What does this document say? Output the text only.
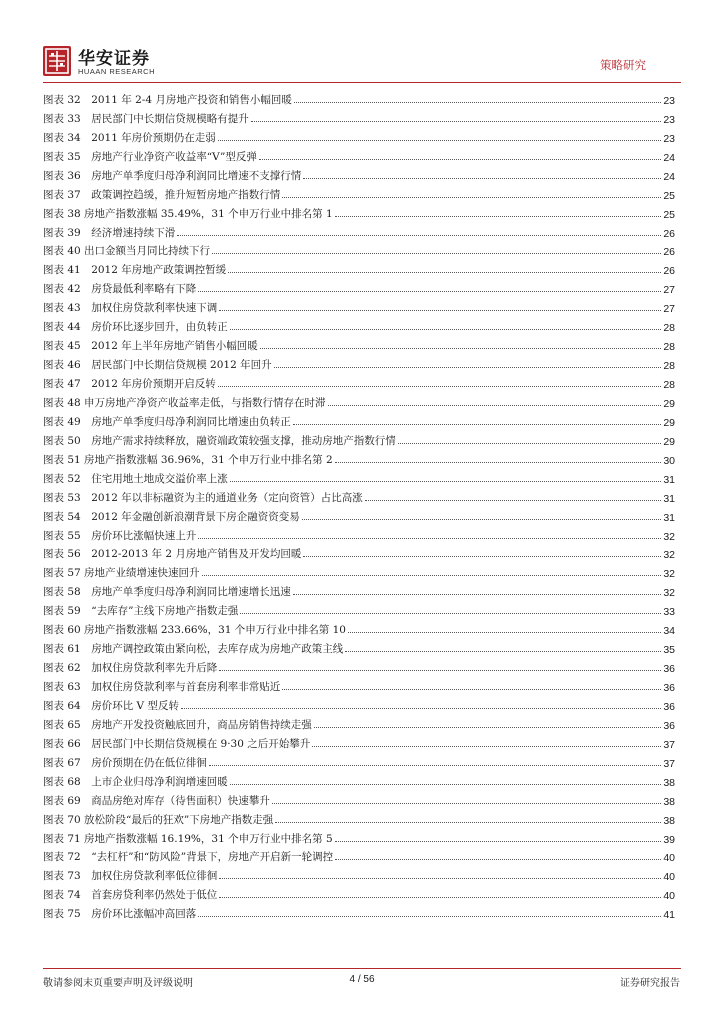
华安证券
HUAAN RESEARCH	策略研究
图表 32　2011 年 2-4 月房地产投资和销售小幅回暖	23
图表 33　居民部门中长期信贷规模略有提升	23
图表 34　2011 年房价预期仍在走弱	23
图表 35　房地产行业净资产收益率“V”型反弹	24
图表 36　房地产单季度归母净利润同比增速不支撑行情	24
图表 37　政策调控趋缓，推升短暂房地产指数行情	25
图表 38 房地产指数涨幅 35.49%，31 个申万行业中排名第 1	25
图表 39　经济增速持续下滑	26
图表 40 出口金额当月同比持续下行	26
图表 41　2012 年房地产政策调控暂缓	26
图表 42　房贷最低利率略有下降	27
图表 43　加权住房贷款利率快速下调	27
图表 44　房价环比逐步回升，由负转正	28
图表 45　2012 年上半年房地产销售小幅回暖	28
图表 46　居民部门中长期信贷规模 2012 年回升	28
图表 47　2012 年房价预期开启反转	28
图表 48 申万房地产净资产收益率走低，与指数行情存在时滞	29
图表 49　房地产单季度归母净利润同比增速由负转正	29
图表 50　房地产需求持续释放，融资端政策较强支撑，推动房地产指数行情	29
图表 51 房地产指数涨幅 36.96%，31 个申万行业中排名第 2	30
图表 52　住宅用地土地成交溢价率上涨	31
图表 53　2012 年以非标融资为主的通道业务（定向资管）占比高涨	31
图表 54　2012 年金融创新浪潮背景下房企融资资变易	31
图表 55　房价环比涨幅快速上升	32
图表 56　2012-2013 年 2 月房地产销售及开发均回暖	32
图表 57 房地产业绩增速快速回升	32
图表 58　房地产单季度归母净利润同比增速增长迅速	32
图表 59　“去库存”主线下房地产指数走强	33
图表 60 房地产指数涨幅 233.66%，31 个申万行业中排名第 10	34
图表 61　房地产调控政策由紧向松，去库存成为房地产政策主线	35
图表 62　加权住房贷款利率先升后降	36
图表 63　加权住房贷款利率与首套房利率非常贴近	36
图表 64　房价环比 V 型反转	36
图表 65　房地产开发投资触底回升，商品房销售持续走强	36
图表 66　居民部门中长期信贷规模在 9·30 之后开始攀升	37
图表 67　房价预期在仍在低位徘徊	37
图表 68　上市企业归母净利润增速回暖	38
图表 69　商品房绝对库存（待售面积）快速攀升	38
图表 70 放松阶段“最后的狂欢”下房地产指数走强	38
图表 71 房地产指数涨幅 16.19%，31 个申万行业中排名第 5	39
图表 72　“去杠杆”和“防风险”背景下，房地产开启新一轮调控	40
图表 73　加权住房贷款利率低位徘徊	40
图表 74　首套房贷利率仍然处于低位	40
图表 75　房价环比涨幅冲高回落	41
敬请参阅末页重要声明及评级说明	4 / 56	证券研究报告
